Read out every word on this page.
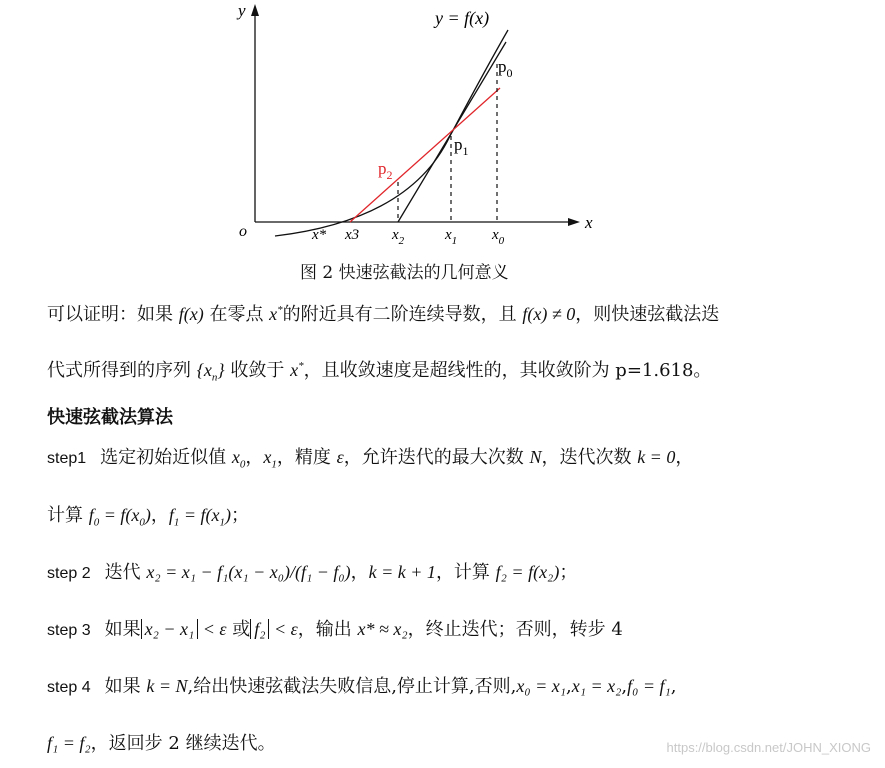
y
x
o
y = f(x)
$p_0$
$p_1$
$p_2$
x* x3 $x_2$	$x_1$ $x_0$
图 2 快速弦截法的几何意义
可以证明：如果 f(x) 在零点 x*的附近具有二阶连续导数，且 f(x) ≠ 0，则快速弦截法迭
代式所得到的序列 $\{x_n\}$ 收敛于 x*，且收敛速度是超线性的，其收敛阶为 p=1.618。
快速弦截法算法
step1 选定初始近似值 $x_0$，$x_1$，精度 ε，允许迭代的最大次数 N，迭代次数 k = 0，
计算 $f_0 = f(x_0)$，$f_1 = f(x_1)$；
step 2 迭代 x₂ = x₁ − f₁(x₁ − x₀)/(f₁ − f₀)，k = k + 1，计算 f₂ = f(x₂)；
step 3 如果 x₂ − x₁ < ε 或 f₂ < ε，输出 x* ≈ x₂，终止迭代；否则，转步 4
step 4 如果 k = N,给出快速弦截法失败信息,停止计算,否则,x₀ = x₁,x₁ = x₂,f₀ = f₁,
f₁ = f₂，返回步 2 继续迭代。	https://blog.csdn.net/JOHN_XIONG
